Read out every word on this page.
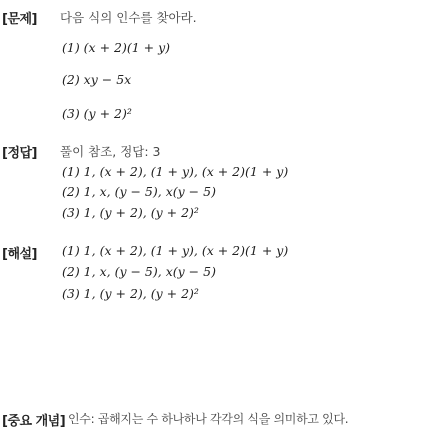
[문제] 다음 식의 인수를 찾아라.
(1) (x + 2)(1 + y)
(2) xy − 5x
(3) (y + 2)²
[정답] 풀이 참조, 정답: 3
(1) 1, (x + 2), (1 + y), (x + 2)(1 + y)
(2) 1, x, (y − 5), x(y − 5)
(3) 1, (y + 2), (y + 2)²
[해설] (1) 1, (x + 2), (1 + y), (x + 2)(1 + y)
(2) 1, x, (y − 5), x(y − 5)
(3) 1, (y + 2), (y + 2)²
[중요 개념] 인수: 곱해지는 수 하나하나 각각의 식을 의미하고 있다.
